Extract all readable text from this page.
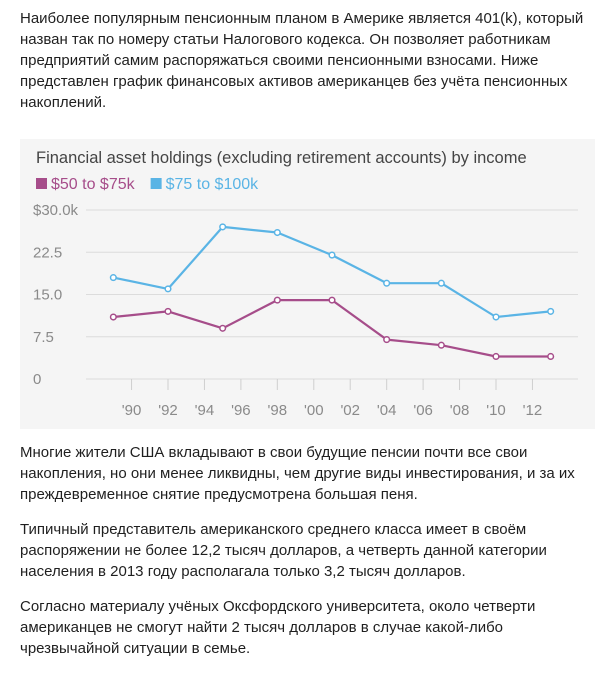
Наиболее популярным пенсионным планом в Америке является 401(k), который назван так по номеру статьи Налогового кодекса. Он позволяет работникам предприятий самим распоряжаться своими пенсионными взносами. Ниже представлен график финансовых активов американцев без учёта пенсионных накоплений.

Financial asset holdings (excluding retirement accounts) by income
$50 to $75k $75 to $100k
0
7.5
15.0
22.5
$30.0k
'90 '92 '94 '96 '98 '00 '02 '04 '06 '08 '10 '12

Многие жители США вкладывают в свои будущие пенсии почти все свои накопления, но они менее ликвидны, чем другие виды инвестирования, и за их преждевременное снятие предусмотрена большая пеня.

Типичный представитель американского среднего класса имеет в своём распоряжении не более 12,2 тысяч долларов, а четверть данной категории населения в 2013 году располагала только 3,2 тысяч долларов.

Согласно материалу учёных Оксфордского университета, около четверти американцев не смогут найти 2 тысяч долларов в случае какой-либо чрезвычайной ситуации в семье.
